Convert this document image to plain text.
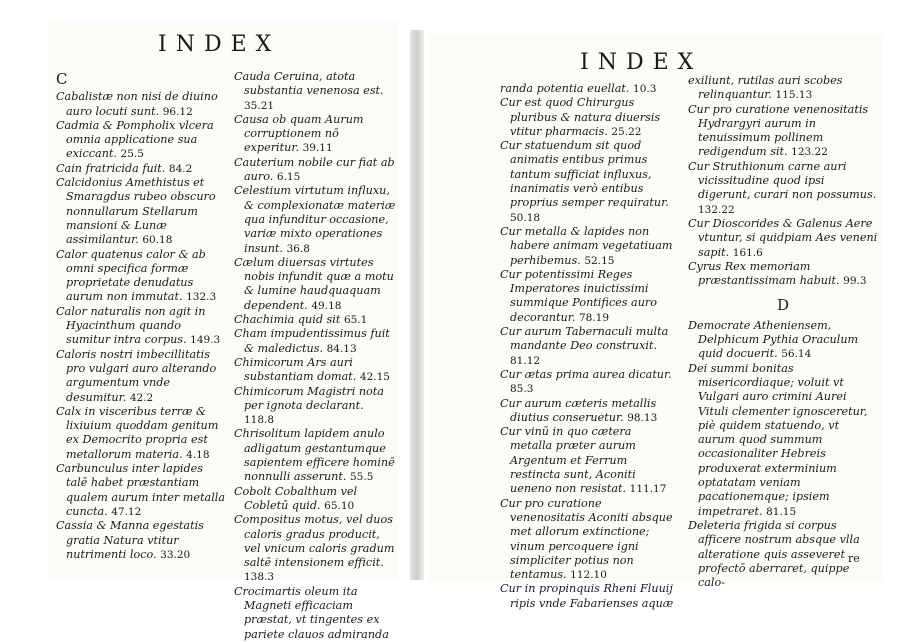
INDEX
C

Cabalistæ non nisi de diuino auro locuti sunt. 96.12

Cadmia & Pompholix vlcera omnia applicatione sua exiccant. 25.5

Cain fratricida fuit. 84.2

Calcidonius Amethistus et Smaragdus rubeo obscuro nonnullarum Stellarum mansioni & Lunæ assimilantur. 60.18

Calor quatenus calor & ab omni specifica formæ proprietate denudatus aurum non immutat. 132.3

Calor naturalis non agit in Hyacinthum quando sumitur intra corpus. 149.3

Caloris nostri imbecillitatis pro vulgari auro alterando argumentum vnde desumitur. 42.2

Calx in visceribus terræ & lixiuium quoddam genitum ex Democrito propria est metallorum materia. 4.18

Carbunculus inter lapides talē habet præstantiam qualem aurum inter metalla cuncta. 47.12

Cassia & Manna egestatis gratia Natura vtitur nutrimenti loco. 33.20

Cauda Ceruina, atota substantia venenosa est. 35.21

Causa ob quam Aurum corruptionem nō experitur. 39.11

Cauterium nobile cur fiat ab auro. 6.15

Celestium virtutum influxu, & complexionatæ materiæ qua infunditur occasione, variæ mixto operationes insunt. 36.8

Cælum diuersas virtutes nobis infundit quæ a motu & lumine haudquaquam dependent. 49.18

Chachimia quid sit 65.1

Cham impudentissimus fuit & maledictus. 84.13

Chimicorum Ars auri substantiam domat. 42.15

Chimicorum Magistri nota per ignota declarant. 118.8

Chrisolitum lapidem anulo adligatum gestantumque sapientem efficere hominē nonnulli asserunt. 55.5

Cobolt Cobalthum vel Cobletū quid. 65.10

Compositus motus, vel duos caloris gradus producit, vel vnicum caloris gradum saltē intensionem efficit. 138.3

Crocimartis oleum ita Magneti efficaciam præstat, vt tingentes ex pariete clauos admiranda

INDEX

randa potentia euellat. 10.3

Cur est quod Chirurgus pluribus & natura diuersis vtitur pharmacis. 25.22

Cur statuendum sit quod animatis entibus primus tantum sufficiat influxus, inanimatis verò entibus proprius semper requiratur. 50.18

Cur metalla & lapides non habere animam vegetatiuam perhibemus. 52.15

Cur potentissimi Reges Imperatores inuictissimi summique Pontifices auro decorantur. 78.19

Cur aurum Tabernaculi multa mandante Deo construxit. 81.12

Cur ætas prima aurea dicatur. 85.3

Cur aurum cæteris metallis diutius conseruetur. 98.13

Cur vinū in quo cætera metalla præter aurum Argentum et Ferrum restincta sunt, Aconiti ueneno non resistat. 111.17

Cur pro curatione venenositatis Aconiti absque met allorum extinctione; vinum percoquere igni simpliciter potius non tentamus. 112.10

Cur in propinquis Rheni Fluuij ripis vnde Fabarienses aquæ

exiliunt, rutilas auri scobes relinquantur. 115.13

Cur pro curatione venenositatis Hydrargyri aurum in tenuissimum pollinem redigendum sit. 123.22

Cur Struthionum carne auri vicissitudine quod ipsi digerunt, curari non possumus. 132.22

Cur Dioscorides & Galenus Aere vtuntur, si quidpiam Aes veneni sapit. 161.6

Cyrus Rex memoriam præstantissimam habuit. 99.3

D

Democrate Atheniensem, Delphicum Pythia Oraculum quid docuerit. 56.14

Dei summi bonitas misericordiaque; voluit vt Vulgari auro crimini Aurei Vituli clementer ignosceretur, piè quidem statuendo, vt aurum quod summum occasionaliter Hebreis produxerat exterminium optatatam veniam pacationemque; ipsiem impetraret. 81.15

Deleteria frigida si corpus afficere nostrum absque vlla alteratione quis asseveret profectō aberraret, quippe calo-

re
